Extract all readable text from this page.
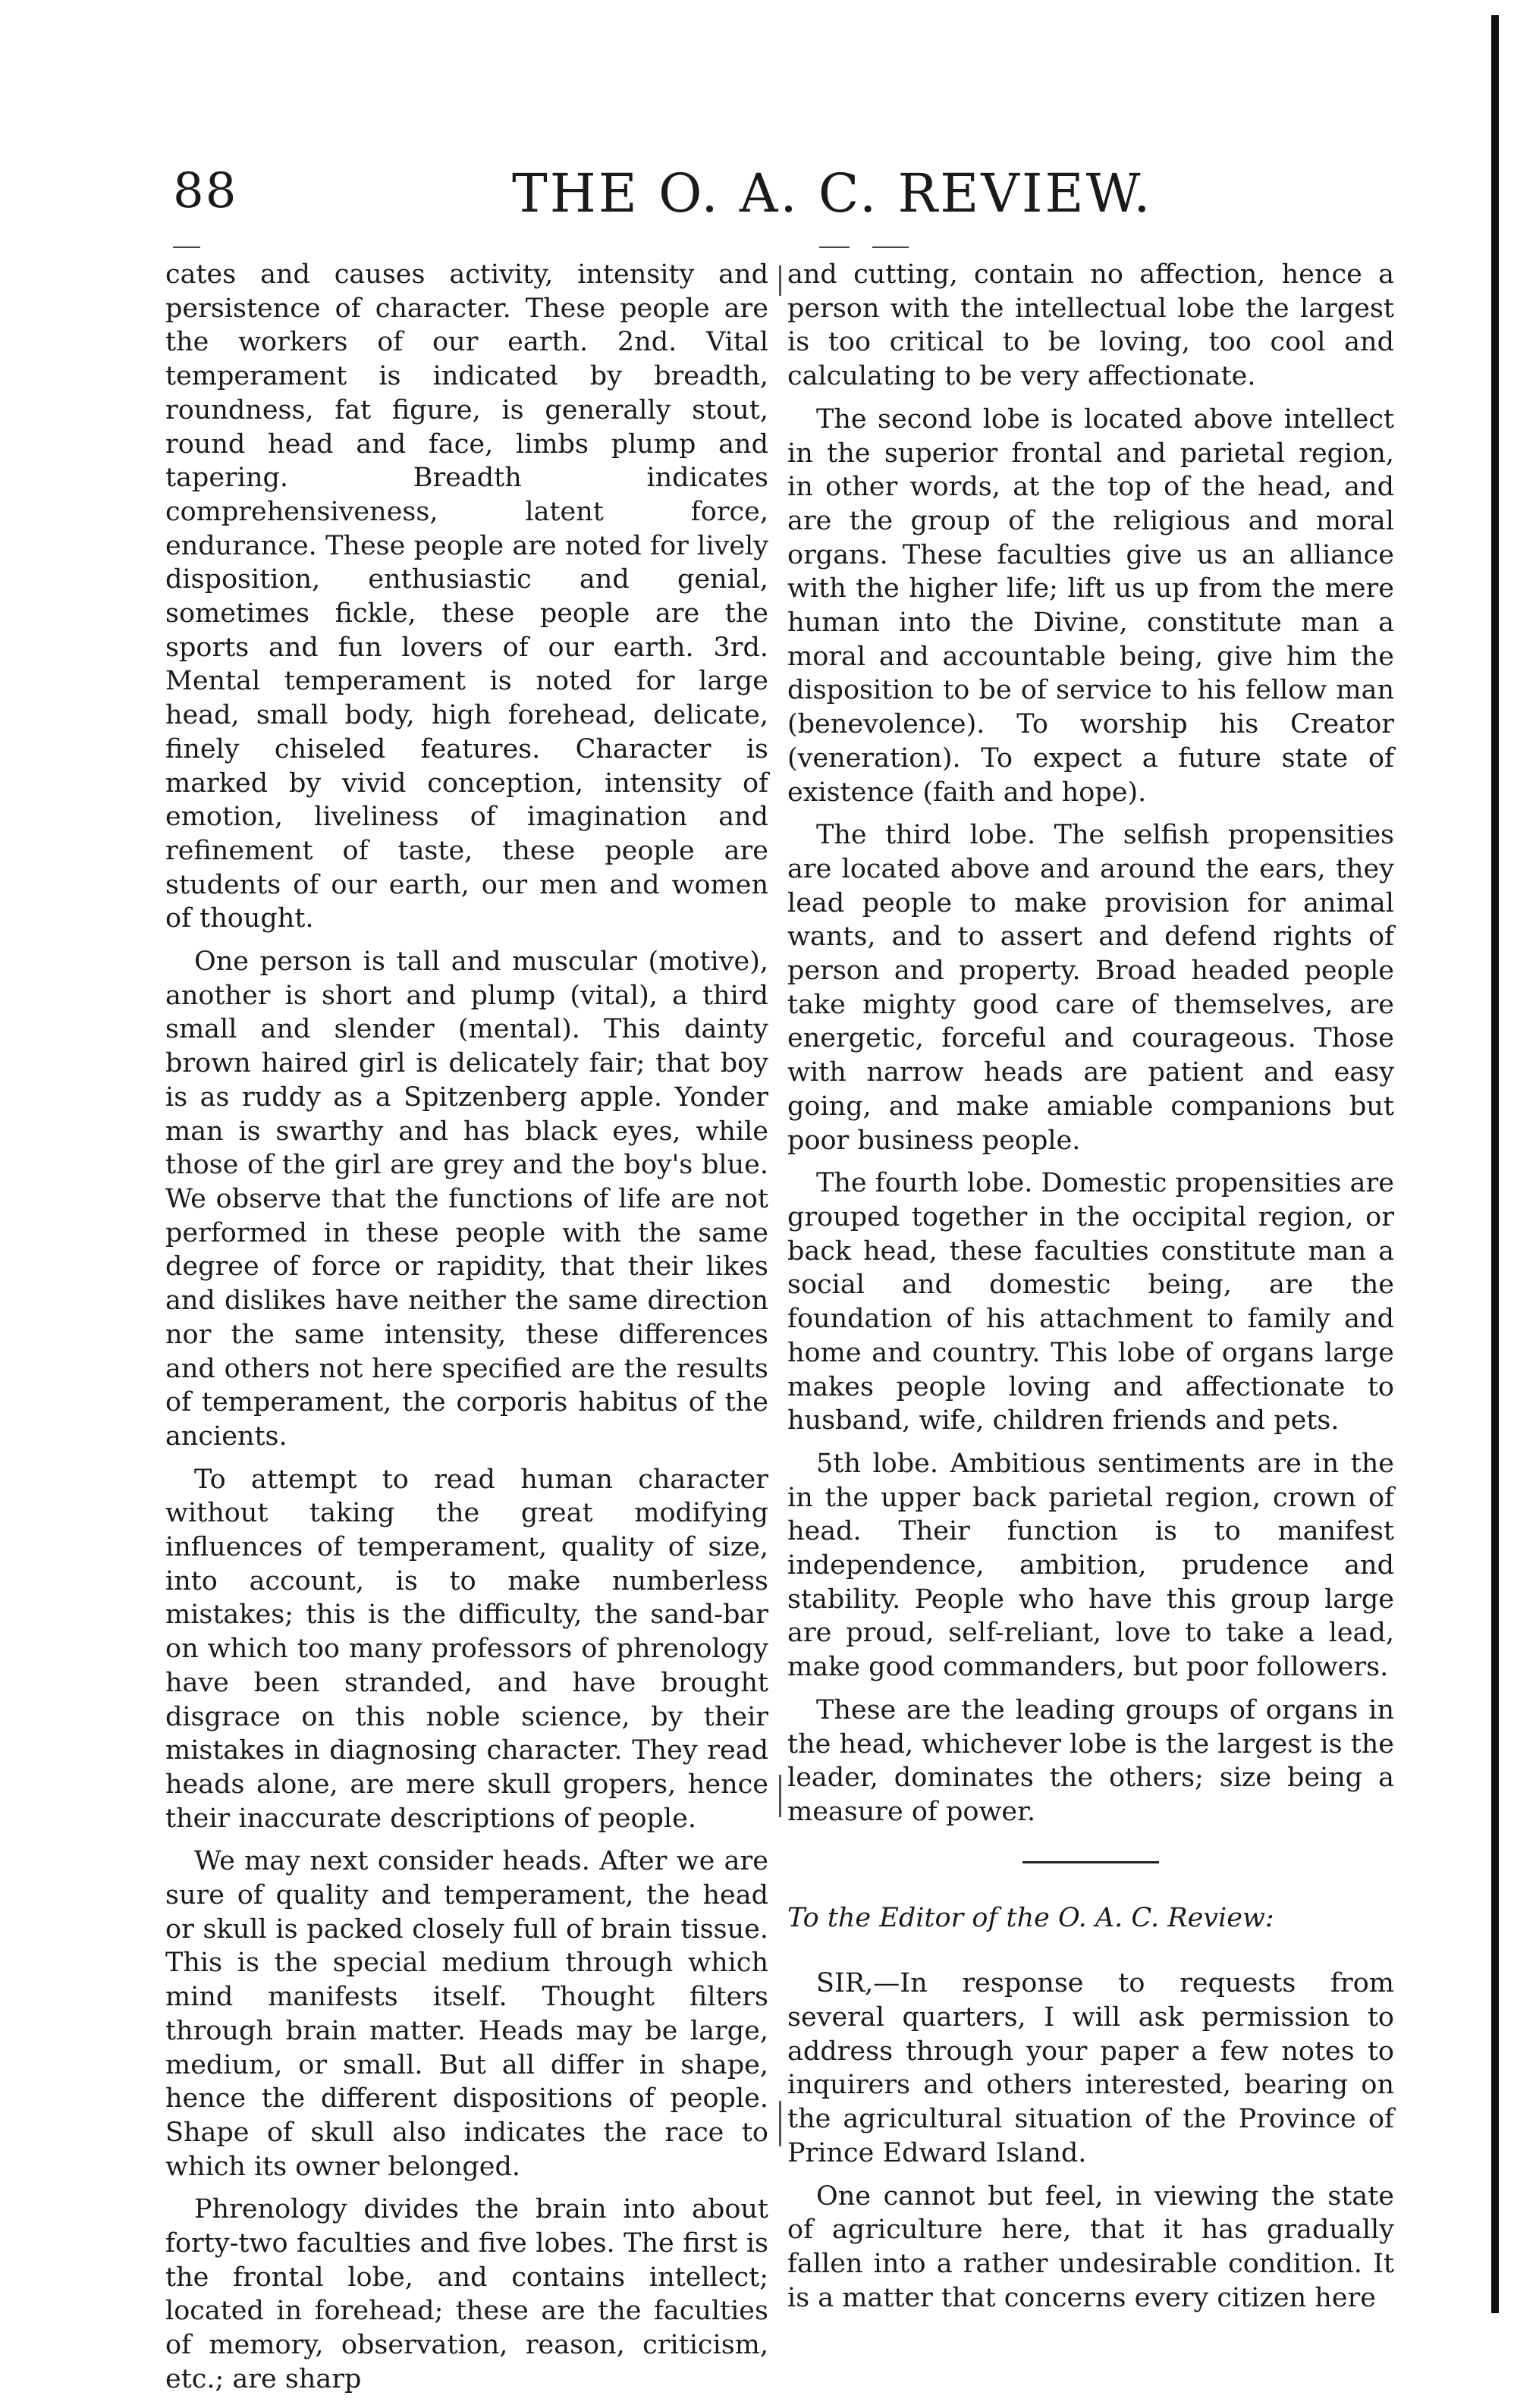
88	THE O. A. C. REVIEW.

cates and causes activity, intensity and persistence of character. These people are the workers of our earth. 2nd. Vital temperament is indicated by breadth, roundness, fat figure, is generally stout, round head and face, limbs plump and tapering. Breadth indicates comprehensiveness, latent force, endurance. These people are noted for lively disposition, enthusiastic and genial, sometimes fickle, these people are the sports and fun lovers of our earth. 3rd. Mental temperament is noted for large head, small body, high forehead, delicate, finely chiseled features. Character is marked by vivid conception, intensity of emotion, liveliness of imagination and refinement of taste, these people are students of our earth, our men and women of thought.

One person is tall and muscular (motive), another is short and plump (vital), a third small and slender (mental). This dainty brown haired girl is delicately fair; that boy is as ruddy as a Spitzenberg apple. Yonder man is swarthy and has black eyes, while those of the girl are grey and the boy's blue. We observe that the functions of life are not performed in these people with the same degree of force or rapidity, that their likes and dislikes have neither the same direction nor the same intensity, these differences and others not here specified are the results of temperament, the corporis habitus of the ancients.

To attempt to read human character without taking the great modifying influences of temperament, quality of size, into account, is to make numberless mistakes; this is the difficulty, the sand-bar on which too many professors of phrenology have been stranded, and have brought disgrace on this noble science, by their mistakes in diagnosing character. They read heads alone, are mere skull gropers, hence their inaccurate descriptions of people.

We may next consider heads. After we are sure of quality and temperament, the head or skull is packed closely full of brain tissue. This is the special medium through which mind manifests itself. Thought filters through brain matter. Heads may be large, medium, or small. But all differ in shape, hence the different dispositions of people. Shape of skull also indicates the race to which its owner belonged.

Phrenology divides the brain into about forty-two faculties and five lobes. The first is the frontal lobe, and contains intellect; located in forehead; these are the faculties of memory, observation, reason, criticism, etc.; are sharp

and cutting, contain no affection, hence a person with the intellectual lobe the largest is too critical to be loving, too cool and calculating to be very affectionate.

The second lobe is located above intellect in the superior frontal and parietal region, in other words, at the top of the head, and are the group of the religious and moral organs. These faculties give us an alliance with the higher life; lift us up from the mere human into the Divine, constitute man a moral and accountable being, give him the disposition to be of service to his fellow man (benevolence). To worship his Creator (veneration). To expect a future state of existence (faith and hope).

The third lobe. The selfish propensities are located above and around the ears, they lead people to make provision for animal wants, and to assert and defend rights of person and property. Broad headed people take mighty good care of themselves, are energetic, forceful and courageous. Those with narrow heads are patient and easy going, and make amiable companions but poor business people.

The fourth lobe. Domestic propensities are grouped together in the occipital region, or back head, these faculties constitute man a social and domestic being, are the foundation of his attachment to family and home and country. This lobe of organs large makes people loving and affectionate to husband, wife, children friends and pets.

5th lobe. Ambitious sentiments are in the in the upper back parietal region, crown of head. Their function is to manifest independence, ambition, prudence and stability. People who have this group large are proud, self-reliant, love to take a lead, make good commanders, but poor followers.

These are the leading groups of organs in the head, whichever lobe is the largest is the leader, dominates the others; size being a measure of power.

To the Editor of the O. A. C. Review:

SIR,—In response to requests from several quarters, I will ask permission to address through your paper a few notes to inquirers and others interested, bearing on the agricultural situation of the Province of Prince Edward Island.

One cannot but feel, in viewing the state of agriculture here, that it has gradually fallen into a rather undesirable condition. It is a matter that concerns every citizen here
